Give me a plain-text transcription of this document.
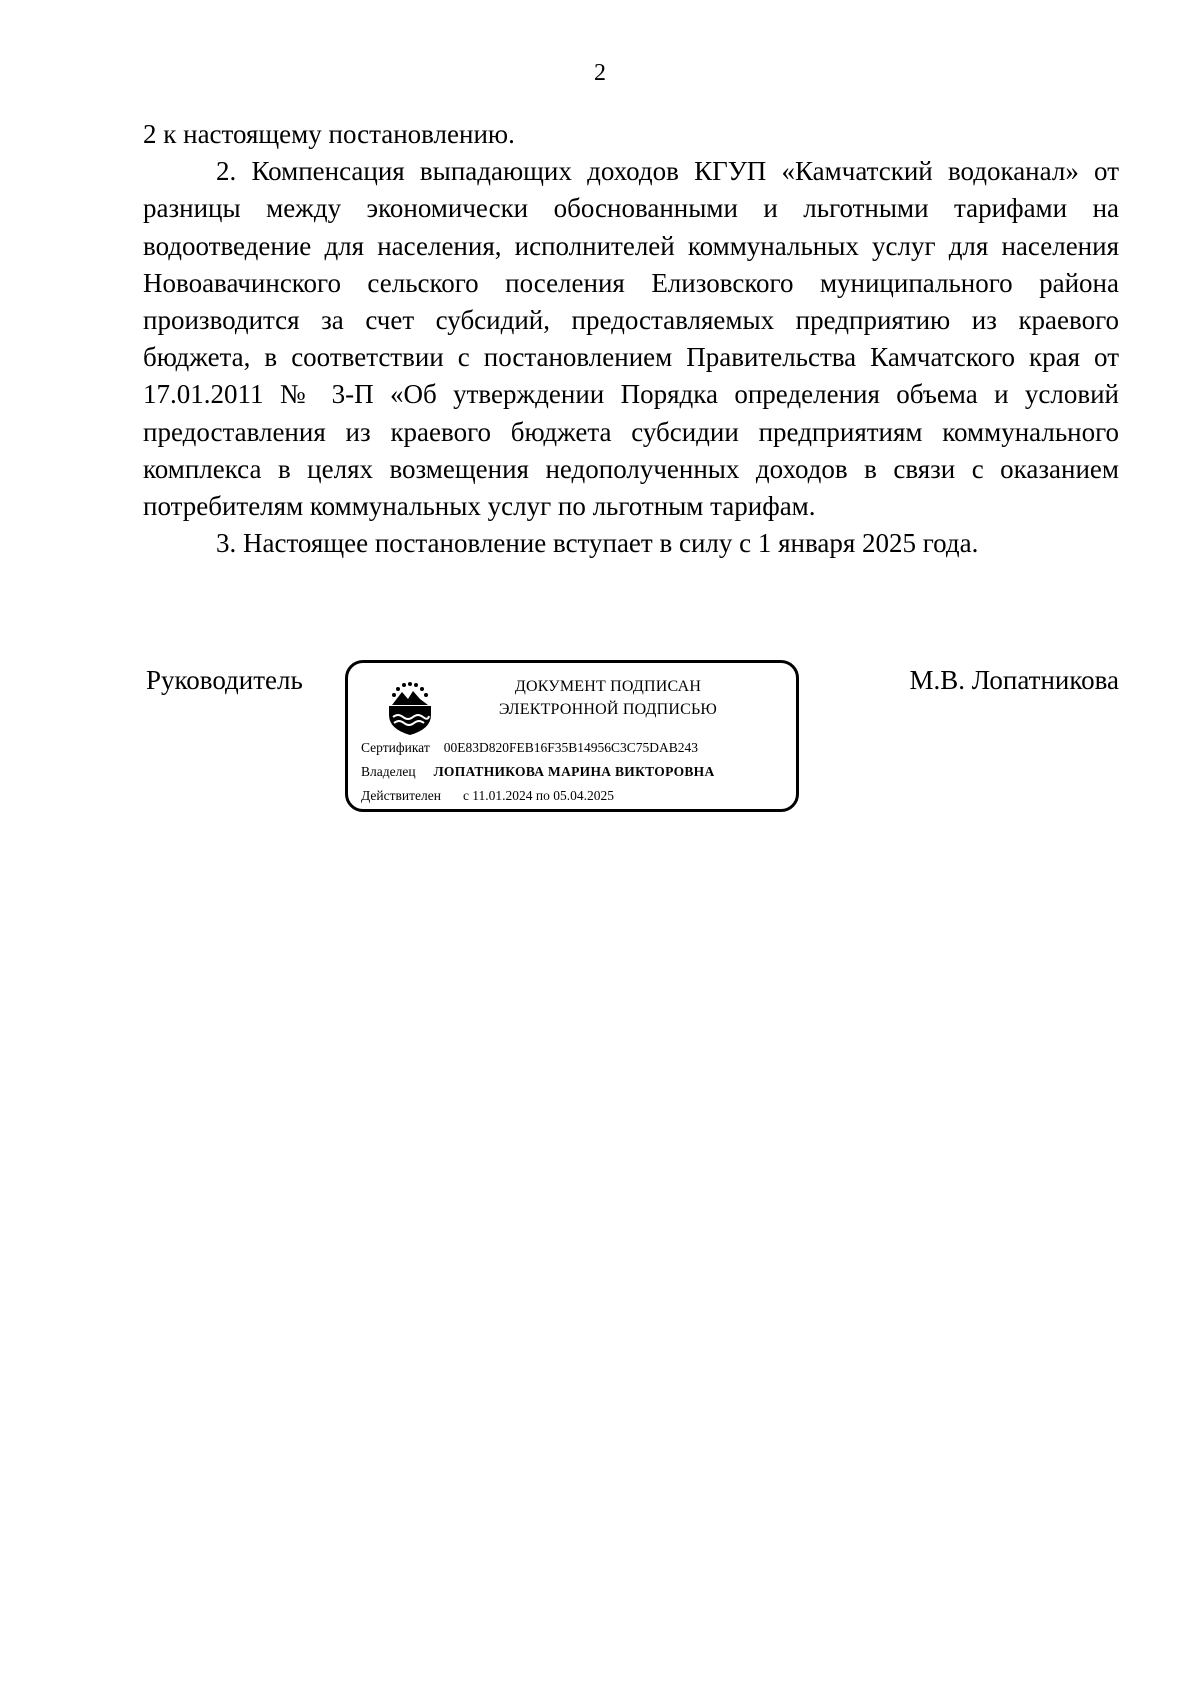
2
2 к настоящему постановлению.
2. Компенсация выпадающих доходов КГУП «Камчатский водоканал» от
разницы между экономически обоснованными и льготными тарифами на
водоотведение для населения, исполнителей коммунальных услуг для населения
Новоавачинского сельского поселения Елизовского муниципального района
производится за счет субсидий, предоставляемых предприятию из краевого
бюджета, в соответствии с постановлением Правительства Камчатского края от
17.01.2011 № 3-П «Об утверждении Порядка определения объема и условий
предоставления из краевого бюджета субсидии предприятиям коммунального
комплекса в целях возмещения недополученных доходов в связи с оказанием
потребителям коммунальных услуг по льготным тарифам.
3. Настоящее постановление вступает в силу с 1 января 2025 года.
Руководитель	ДОКУМЕНТ ПОДПИСАН
ЭЛЕКТРОННОЙ ПОДПИСЬЮ
Сертификат 00E83D820FEB16F35B14956C3C75DAB243
Владелец ЛОПАТНИКОВА МАРИНА ВИКТОРОВНА
Действителен с 11.01.2024 по 05.04.2025
М.В. Лопатникова
